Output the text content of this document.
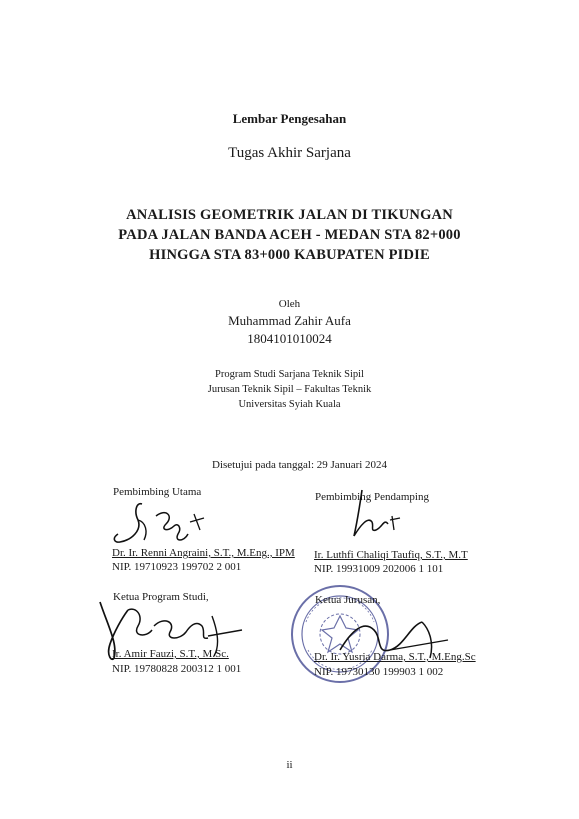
Lembar Pengesahan
Tugas Akhir Sarjana
ANALISIS GEOMETRIK JALAN DI TIKUNGAN
PADA JALAN BANDA ACEH - MEDAN STA 82+000
HINGGA STA 83+000 KABUPATEN PIDIE
Oleh
Muhammad Zahir Aufa
1804101010024
Program Studi Sarjana Teknik Sipil
Jurusan Teknik Sipil – Fakultas Teknik
Universitas Syiah Kuala
Disetujui pada tanggal: 29 Januari 2024
Pembimbing Utama
Dr. Ir. Renni Angraini, S.T., M.Eng., IPM
NIP. 19710923 199702 2 001
Pembimbing Pendamping
Ir. Luthfi Chaliqi Taufiq, S.T., M.T
NIP. 19931009 202006 1 101
Ketua Program Studi,
Ir. Amir Fauzi, S.T., M.Sc.
NIP. 19780828 200312 1 001
Ketua Jurusan,
Dr. Ir. Yusria Darma, S.T., M.Eng.Sc
NIP. 19730130 199903 1 002
ii
